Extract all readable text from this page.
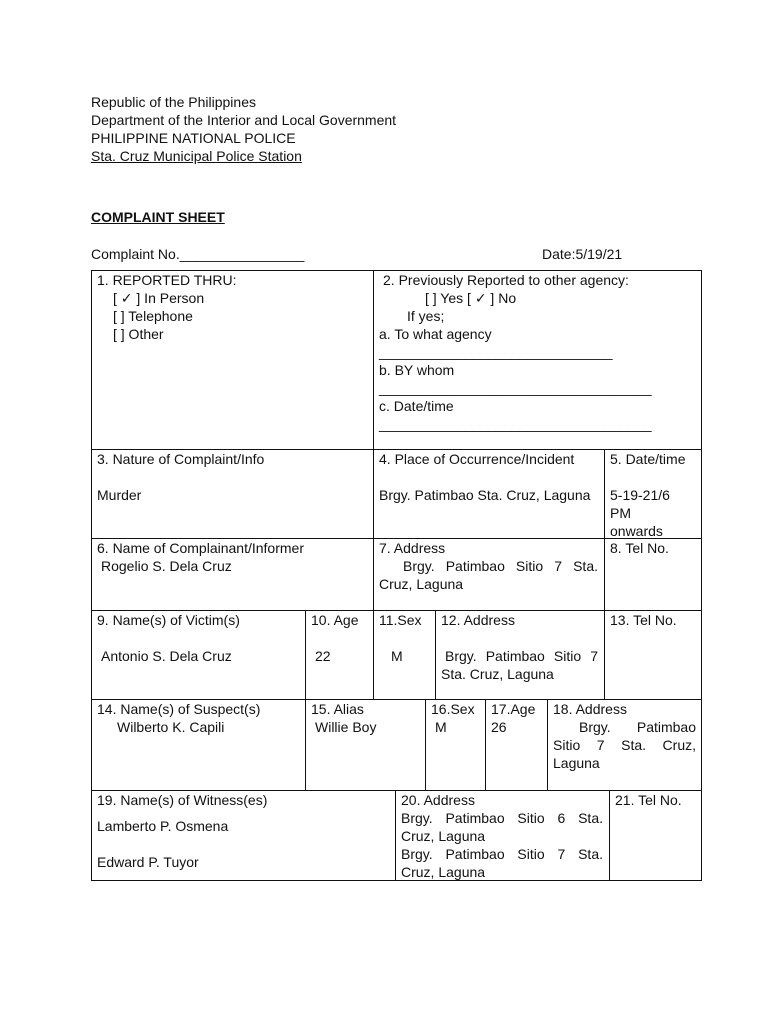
Republic of the Philippines
Department of the Interior and Local Government
PHILIPPINE NATIONAL POLICE
Sta. Cruz Municipal Police Station
COMPLAINT SHEET
Complaint No.________________	Date:5/19/21
1. REPORTED THRU:
[ ✓ ] In Person
[ ] Telephone
[ ] Other
2. Previously Reported to other agency:
[ ] Yes [ ✓ ] No
If yes;
a. To what agency
______________________________
b. BY whom
___________________________________
c. Date/time
___________________________________
3. Nature of Complaint/Info
Murder
4. Place of Occurrence/Incident
Brgy. Patimbao Sta. Cruz, Laguna
5. Date/time
5-19-21/6
PM
onwards
6. Name of Complainant/Informer
Rogelio S. Dela Cruz
7. Address
Brgy. Patimbao Sitio 7 Sta. Cruz, Laguna
8. Tel No.
9. Name(s) of Victim(s)
Antonio S. Dela Cruz
10. Age
22
11.Sex
M
12. Address
Brgy. Patimbao Sitio 7 Sta. Cruz, Laguna
13. Tel No.
14. Name(s) of Suspect(s)
Wilberto K. Capili
15. Alias
Willie Boy
16.Sex
M
17.Age
26
18. Address
Brgy. Patimbao Sitio 7 Sta. Cruz, Laguna
19. Name(s) of Witness(es)
Lamberto P. Osmena
Edward P. Tuyor
20. Address
Brgy. Patimbao Sitio 6 Sta. Cruz, Laguna
Brgy. Patimbao Sitio 7 Sta. Cruz, Laguna
21. Tel No.
